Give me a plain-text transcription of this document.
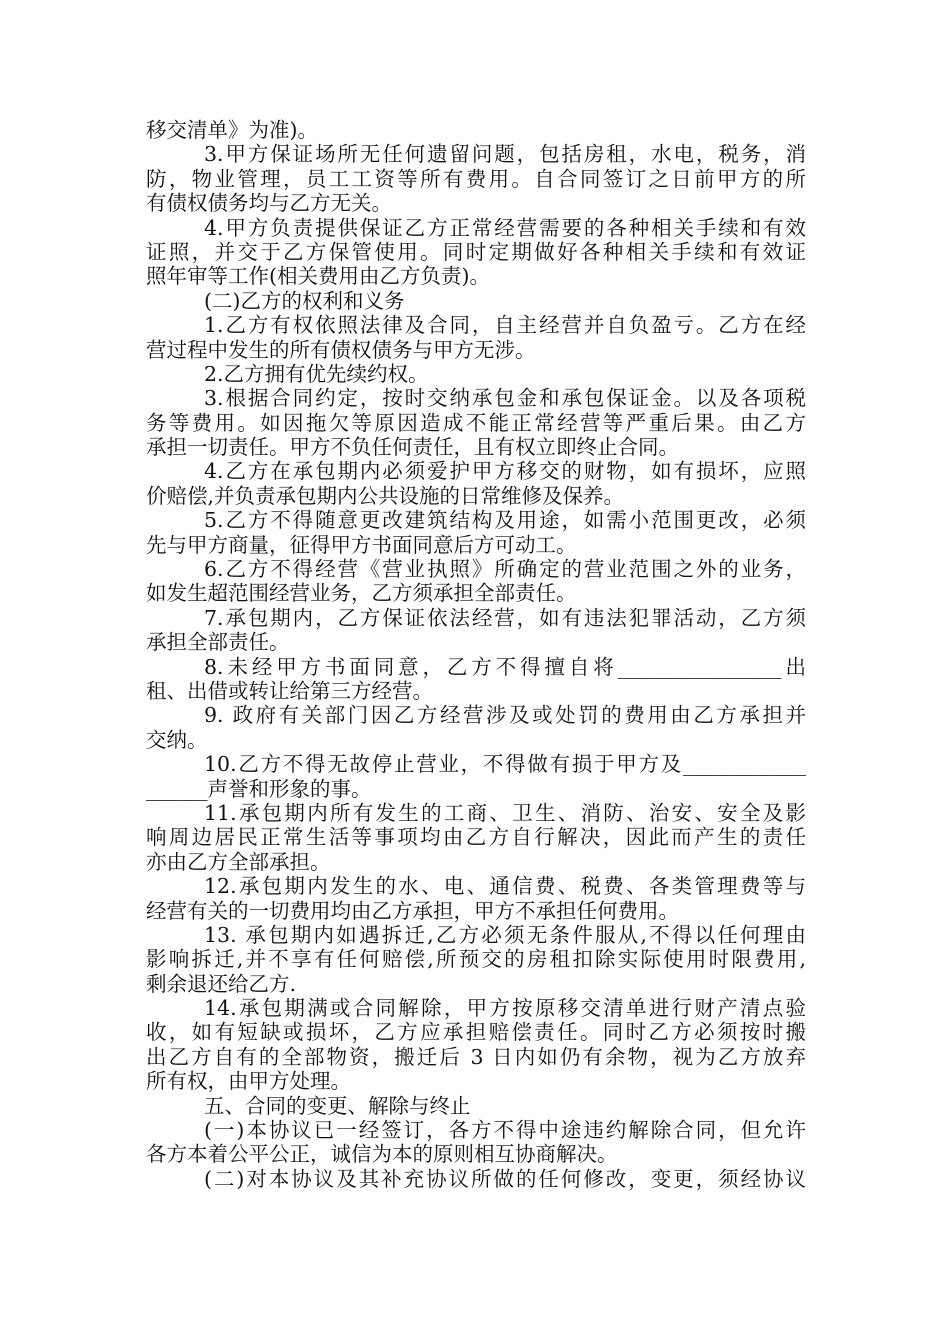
移交清单》为准)。
3.甲方保证场所无任何遗留问题，包括房租，水电，税务，消
防，物业管理，员工工资等所有费用。自合同签订之日前甲方的所
有债权债务均与乙方无关。
4.甲方负责提供保证乙方正常经营需要的各种相关手续和有效
证照，并交于乙方保管使用。同时定期做好各种相关手续和有效证
照年审等工作(相关费用由乙方负责)。
(二)乙方的权利和义务
1.乙方有权依照法律及合同，自主经营并自负盈亏。乙方在经
营过程中发生的所有债权债务与甲方无涉。
2.乙方拥有优先续约权。
3.根据合同约定，按时交纳承包金和承包保证金。以及各项税
务等费用。如因拖欠等原因造成不能正常经营等严重后果。由乙方
承担一切责任。甲方不负任何责任，且有权立即终止合同。
4.乙方在承包期内必须爱护甲方移交的财物，如有损坏，应照
价赔偿,并负责承包期内公共设施的日常维修及保养。
5.乙方不得随意更改建筑结构及用途，如需小范围更改，必须
先与甲方商量，征得甲方书面同意后方可动工。
6.乙方不得经营《营业执照》所确定的营业范围之外的业务，
如发生超范围经营业务，乙方须承担全部责任。
7.承包期内，乙方保证依法经营，如有违法犯罪活动，乙方须
承担全部责任。
8.未经甲方书面同意，乙方不得擅自将________________出
租、出借或转让给第三方经营。
9. 政府有关部门因乙方经营涉及或处罚的费用由乙方承担并
交纳。
10.乙方不得无故停止营业，不得做有损于甲方及____________
______声誉和形象的事。
11.承包期内所有发生的工商、卫生、消防、治安、安全及影
响周边居民正常生活等事项均由乙方自行解决，因此而产生的责任
亦由乙方全部承担。
12.承包期内发生的水、电、通信费、税费、各类管理费等与
经营有关的一切费用均由乙方承担，甲方不承担任何费用。
13. 承包期内如遇拆迁,乙方必须无条件服从,不得以任何理由
影响拆迁,并不享有任何赔偿,所预交的房租扣除实际使用时限费用,
剩余退还给乙方.
14.承包期满或合同解除，甲方按原移交清单进行财产清点验
收，如有短缺或损坏，乙方应承担赔偿责任。同时乙方必须按时搬
出乙方自有的全部物资，搬迁后 3 日内如仍有余物，视为乙方放弃
所有权，由甲方处理。
五、合同的变更、解除与终止
(一)本协议已一经签订，各方不得中途违约解除合同，但允许
各方本着公平公正，诚信为本的原则相互协商解决。
(二)对本协议及其补充协议所做的任何修改，变更，须经协议
